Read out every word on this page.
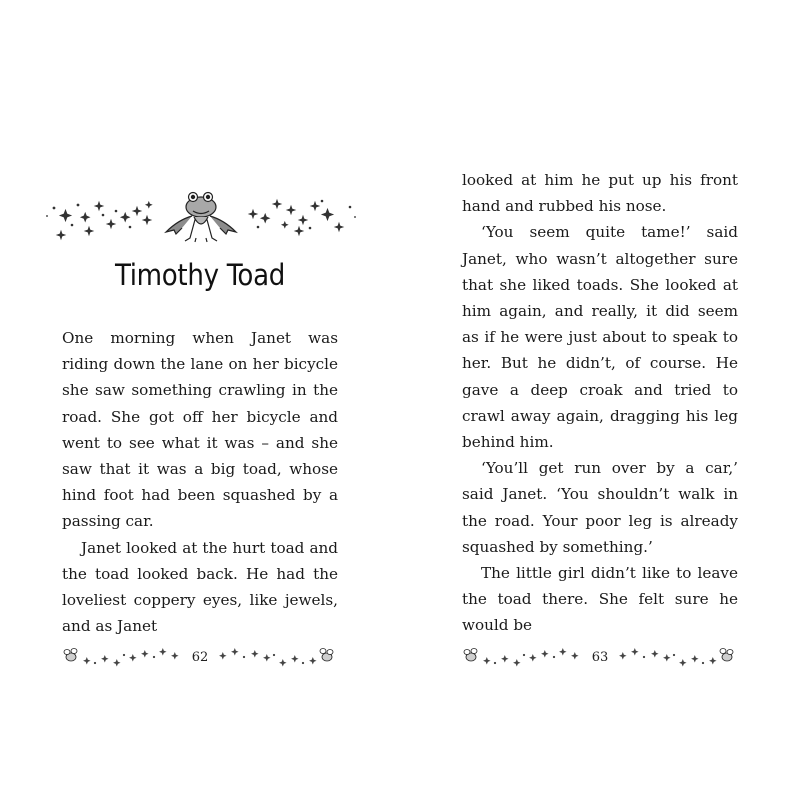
Timothy Toad

One morning when Janet was riding down the lane on her bicycle she saw something crawling in the road. She got off her bicycle and went to see what it was – and she saw that it was a big toad, whose hind foot had been squashed by a passing car.

Janet looked at the hurt toad and the toad looked back. He had the loveliest coppery eyes, like jewels, and as Janet

62

looked at him he put up his front hand and rubbed his nose.

‘You seem quite tame!’ said Janet, who wasn’t altogether sure that she liked toads. She looked at him again, and really, it did seem as if he were just about to speak to her. But he didn’t, of course. He gave a deep croak and tried to crawl away again, dragging his leg behind him.

‘You’ll get run over by a car,’ said Janet. ‘You shouldn’t walk in the road. Your poor leg is already squashed by something.’

The little girl didn’t like to leave the toad there. She felt sure he would be

63
